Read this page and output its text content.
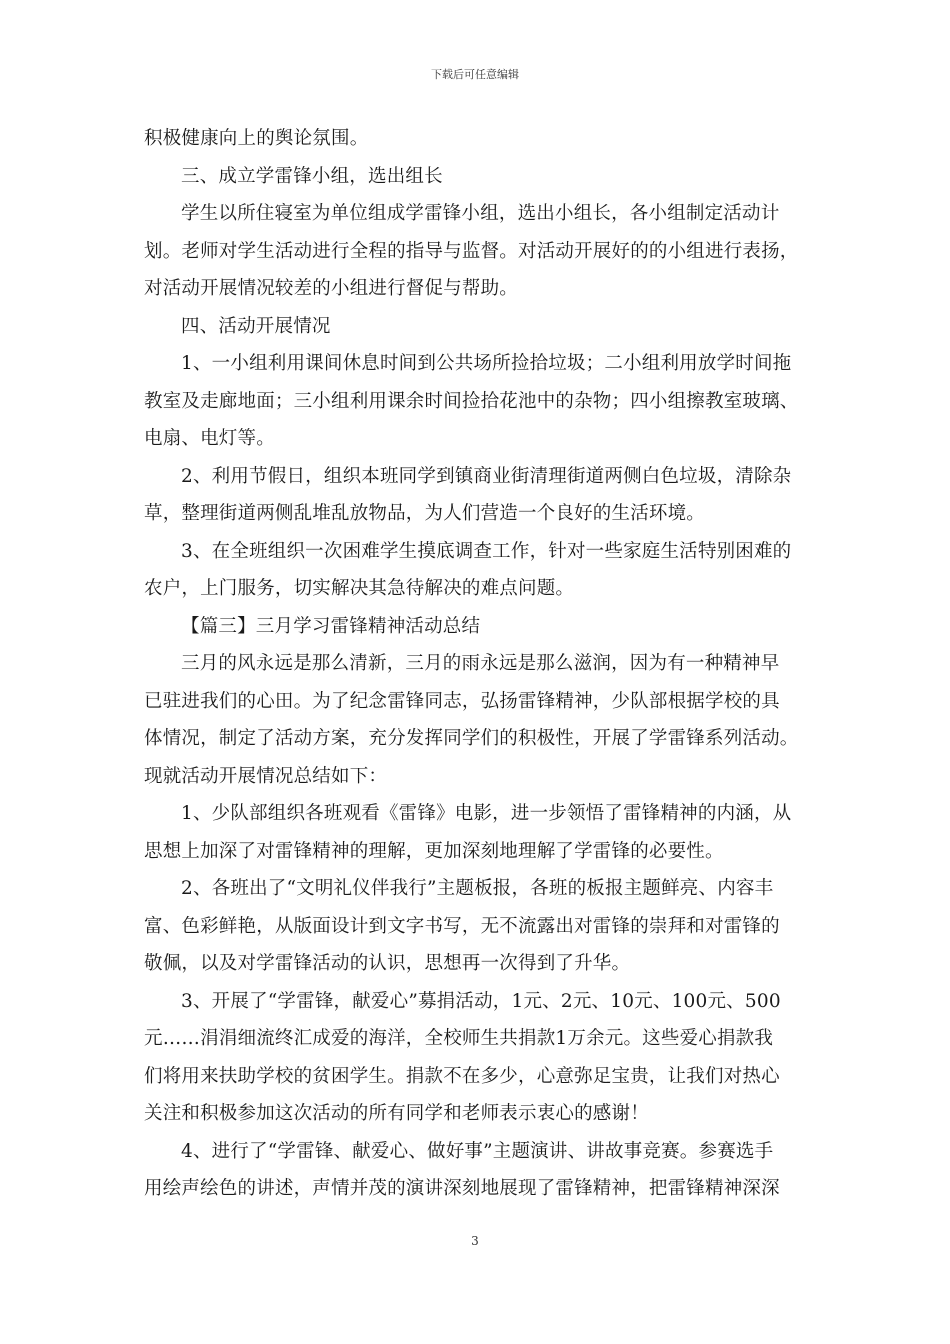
下载后可任意编辑
积极健康向上的舆论氛围。
三、成立学雷锋小组，选出组长
学生以所住寝室为单位组成学雷锋小组，选出小组长，各小组制定活动计
划。老师对学生活动进行全程的指导与监督。对活动开展好的的小组进行表扬，
对活动开展情况较差的小组进行督促与帮助。
四、活动开展情况
1、一小组利用课间休息时间到公共场所捡拾垃圾；二小组利用放学时间拖
教室及走廊地面；三小组利用课余时间捡拾花池中的杂物；四小组擦教室玻璃、
电扇、电灯等。
2、利用节假日，组织本班同学到镇商业街清理街道两侧白色垃圾，清除杂
草，整理街道两侧乱堆乱放物品，为人们营造一个良好的生活环境。
3、在全班组织一次困难学生摸底调查工作，针对一些家庭生活特别困难的
农户，上门服务，切实解决其急待解决的难点问题。
【篇三】三月学习雷锋精神活动总结
三月的风永远是那么清新，三月的雨永远是那么滋润，因为有一种精神早
已驻进我们的心田。为了纪念雷锋同志，弘扬雷锋精神，少队部根据学校的具
体情况，制定了活动方案，充分发挥同学们的积极性，开展了学雷锋系列活动。
现就活动开展情况总结如下：
1、少队部组织各班观看《雷锋》电影，进一步领悟了雷锋精神的内涵，从
思想上加深了对雷锋精神的理解，更加深刻地理解了学雷锋的必要性。
2、各班出了“文明礼仪伴我行”主题板报，各班的板报主题鲜亮、内容丰
富、色彩鲜艳，从版面设计到文字书写，无不流露出对雷锋的崇拜和对雷锋的
敬佩，以及对学雷锋活动的认识，思想再一次得到了升华。
3、开展了“学雷锋，献爱心”募捐活动，1元、2元、10元、100元、500
元……涓涓细流终汇成爱的海洋，全校师生共捐款1万余元。这些爱心捐款我
们将用来扶助学校的贫困学生。捐款不在多少，心意弥足宝贵，让我们对热心
关注和积极参加这次活动的所有同学和老师表示衷心的感谢！
4、进行了“学雷锋、献爱心、做好事”主题演讲、讲故事竞赛。参赛选手
用绘声绘色的讲述，声情并茂的演讲深刻地展现了雷锋精神，把雷锋精神深深
3
